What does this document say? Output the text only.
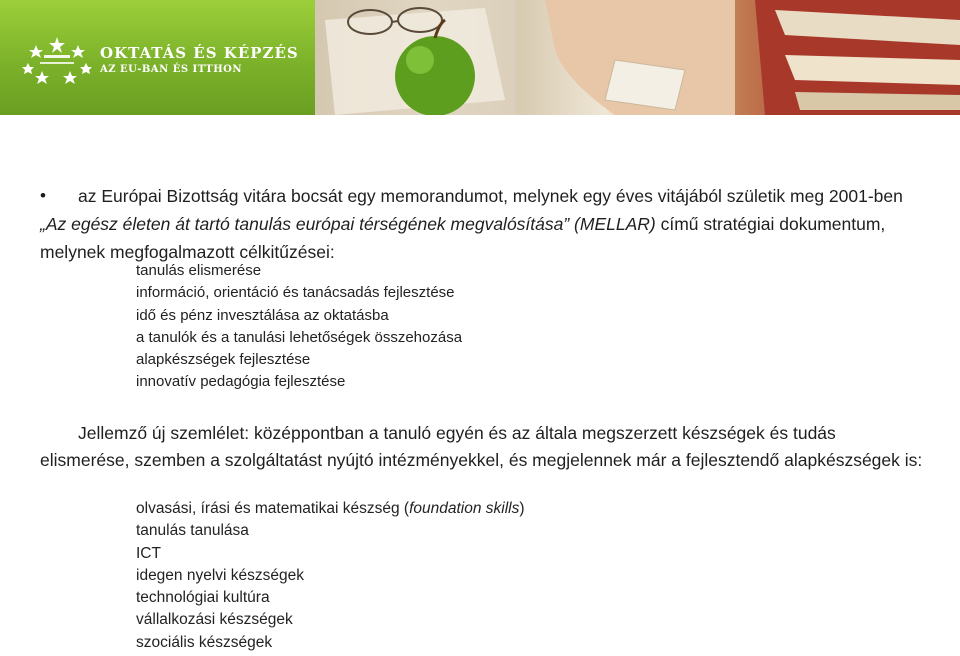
OKTATÁS ÉS KÉPZÉS
AZ EU-BAN ÉS ITTHON
•	az Európai Bizottság vitára bocsát egy memorandumot, melynek egy éves vitájából születik meg 2001-ben „Az egész életen át tartó tanulás európai térségének megvalósítása” (MELLAR) című stratégiai dokumentum, melynek megfogalmazott célkitűzései:
tanulás elismerése
információ, orientáció és tanácsadás fejlesztése
idő és pénz invesztálása az oktatásba
a tanulók és a tanulási lehetőségek összehozása
alapkészségek fejlesztése
innovatív pedagógia fejlesztése
Jellemző új szemlélet: középpontban a tanuló egyén és az általa megszerzett készségek és tudás elismerése, szemben a szolgáltatást nyújtó intézményekkel, és megjelennek már a fejlesztendő alapkészségek is:
olvasási, írási és matematikai készség (foundation skills)
tanulás tanulása
ICT
idegen nyelvi készségek
technológiai kultúra
vállalkozási készségek
szociális készségek
